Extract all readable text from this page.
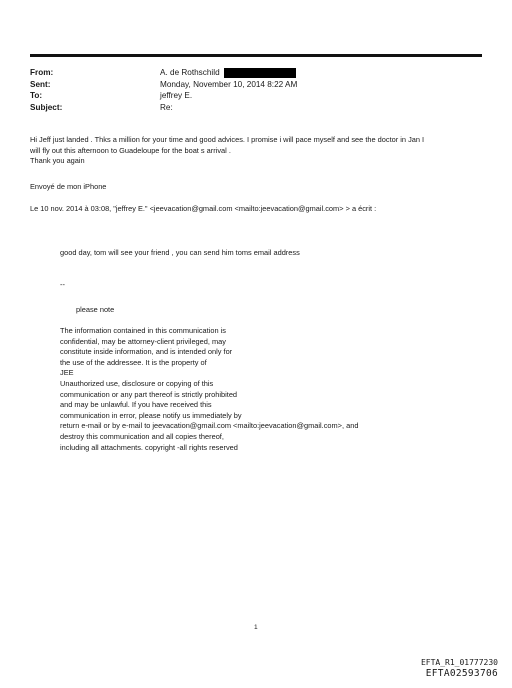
From:	A. de Rothschild
Sent:	Monday, November 10, 2014 8:22 AM
To:	jeffrey E.
Subject:	Re:
Hi Jeff just landed . Thks a million for your time and good advices. I promise i will pace myself and see the doctor in Jan I
will fly out this afternoon to Guadeloupe for the boat s arrival .
Thank you again
Envoyé de mon iPhone
Le 10 nov. 2014 à 03:08, "jeffrey E." <jeevacation@gmail.com <mailto:jeevacation@gmail.com> > a écrit :
good day, tom will see your friend , you can send him toms email address
--
please note
The information contained in this communication is
confidential, may be attorney-client privileged, may
constitute inside information, and is intended only for
the use of the addressee. It is the property of
JEE
Unauthorized use, disclosure or copying of this
communication or any part thereof is strictly prohibited
and may be unlawful. If you have received this
communication in error, please notify us immediately by
return e-mail or by e-mail to jeevacation@gmail.com <mailto:jeevacation@gmail.com>, and
destroy this communication and all copies thereof,
including all attachments. copyright -all rights reserved
1
EFTA_R1_01777230
EFTA02593706
